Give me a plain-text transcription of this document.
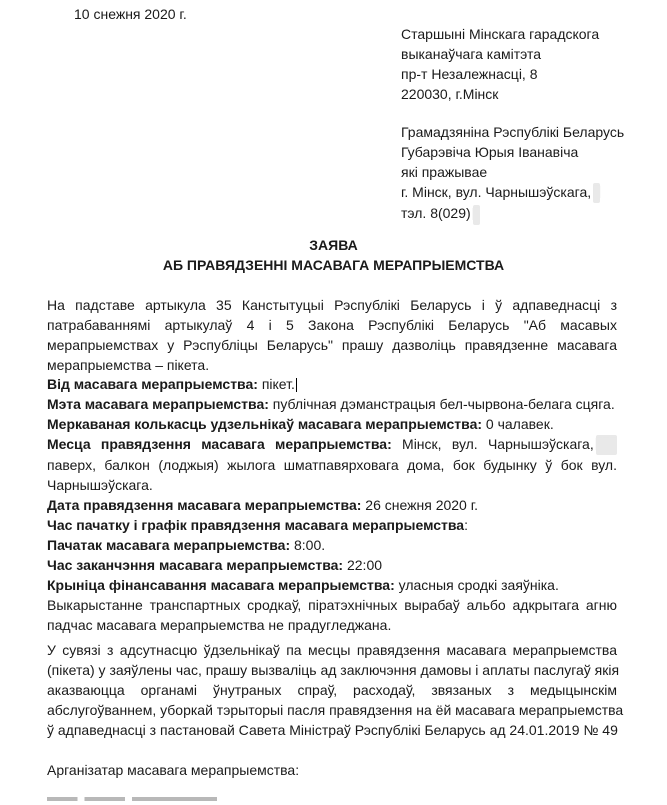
10 снежня 2020 г.
Старшыні Мінскага гарадскога
выканаўчага камітэта
пр-т Незалежнасці, 8
220030, г.Мінск
Грамадзяніна Рэспублікі Беларусь
Губарэвіча Юрыя Іванавіча
які пражывае
г. Мінск, вул. Чарнышэўскага, █
тэл. 8(029) █
ЗАЯВА
АБ ПРАВЯДЗЕННІ МАСАВАГА МЕРАПРЫЕМСТВА
На падставе артыкула 35 Канстытуцыі Рэспублікі Беларусь і ў адпаведнасці з
патрабаваннямі артыкулаў 4 і 5 Закона Рэспублікі Беларусь "Аб масавых
мерапрыемствах у Рэспубліцы Беларусь" прашу дазволіць правядзенне масавага
мерапрыемства – пікета.
Від масавага мерапрыемства: пікет.
Мэта масавага мерапрыемства: публічная дэманстрацыя бел-чырвона-белага сцяга.
Меркаваная колькасць удзельнікаў масавага мерапрыемства: 0 чалавек.
Месца правядзення масавага мерапрыемства: Мінск, вул. Чарнышэўскага, ███
паверх, балкон (лоджыя) жылога шматпавярховага дома, бок будынку ў бок вул.
Чарнышэўскага.
Дата правядзення масавага мерапрыемства: 26 снежня 2020 г.
Час пачатку і графік правядзення масавага мерапрыемства:
Пачатак масавага мерапрыемства: 8:00.
Час заканчэння масавага мерапрыемства: 22:00
Крыніца фінансавання масавага мерапрыемства: уласныя сродкі заяўніка.
Выкарыстанне транспартных сродкаў, піратэхнічных вырабаў альбо адкрытага агню
падчас масавага мерапрыемства не прадугледжана.
У сувязі з адсутнасцю ўдзельнікаў па месцы правядзення масавага мерапрыемства
(пікета) у заяўлены час, прашу вызваліць ад заключэння дамовы і аплаты паслугаў якія
аказваюцца органамі ўнутраных спраў, расходаў, звязаных з медыцынскім
абслугоўваннем, уборкай тэрыторыі пасля правядзення на ёй масавага мерапрыемства
ў адпаведнасці з пастановай Савета Міністраў Рэспублікі Беларусь ад 24.01.2019 № 49
Арганізатар масавага мерапрыемства:
